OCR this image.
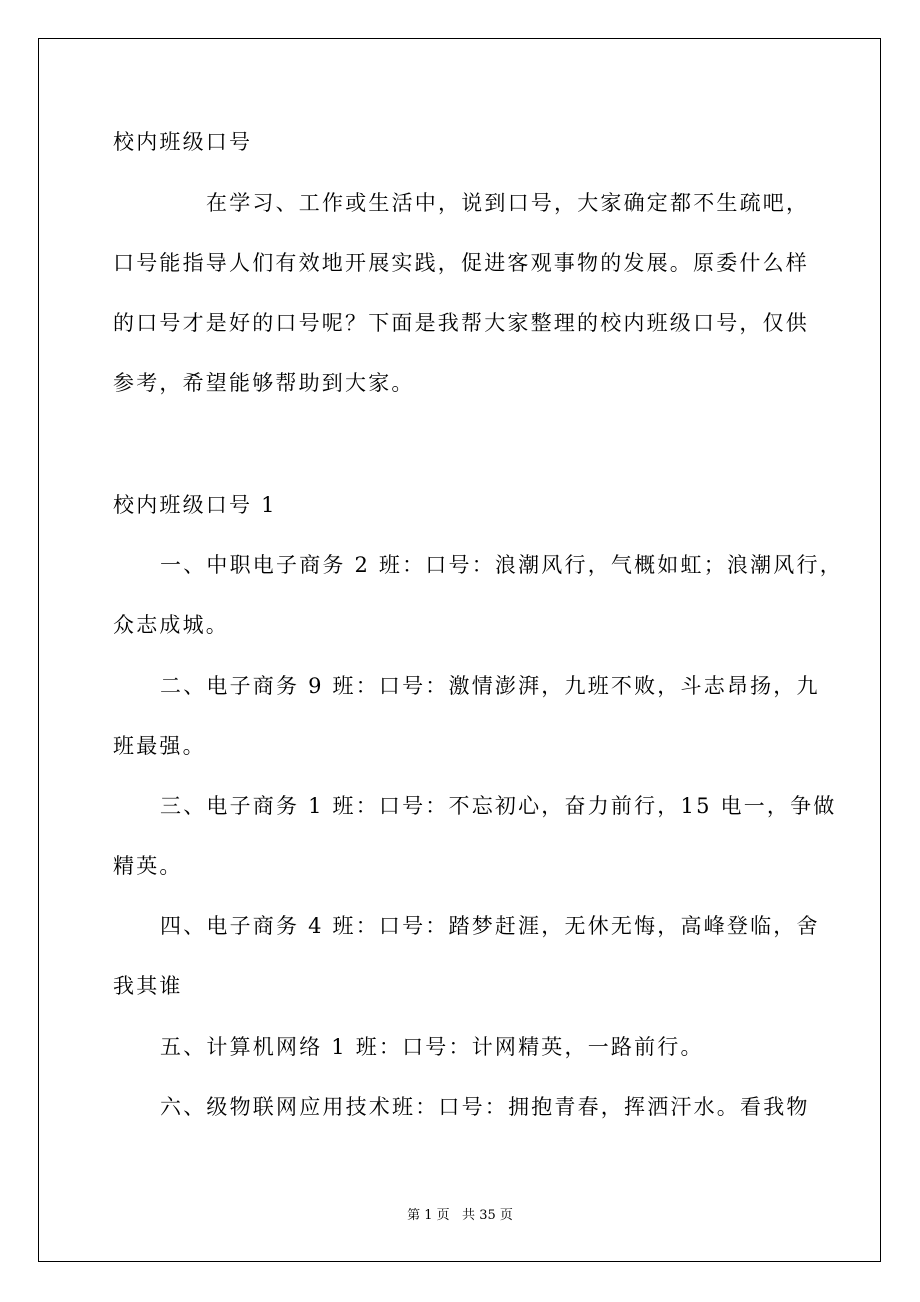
校内班级口号
在学习、工作或生活中，说到口号，大家确定都不生疏吧，
口号能指导人们有效地开展实践，促进客观事物的发展。原委什么样
的口号才是好的口号呢？下面是我帮大家整理的校内班级口号，仅供
参考，希望能够帮助到大家。
校内班级口号 1
一、中职电子商务 2 班：口号：浪潮风行，气概如虹；浪潮风行，
众志成城。
二、电子商务 9 班：口号：激情澎湃，九班不败，斗志昂扬，九
班最强。
三、电子商务 1 班：口号：不忘初心，奋力前行，15 电一，争做
精英。
四、电子商务 4 班：口号：踏梦赶涯，无休无悔，高峰登临，舍
我其谁
五、计算机网络 1 班：口号：计网精英，一路前行。
六、级物联网应用技术班：口号：拥抱青春，挥洒汗水。看我物
第 1 页   共 35 页
